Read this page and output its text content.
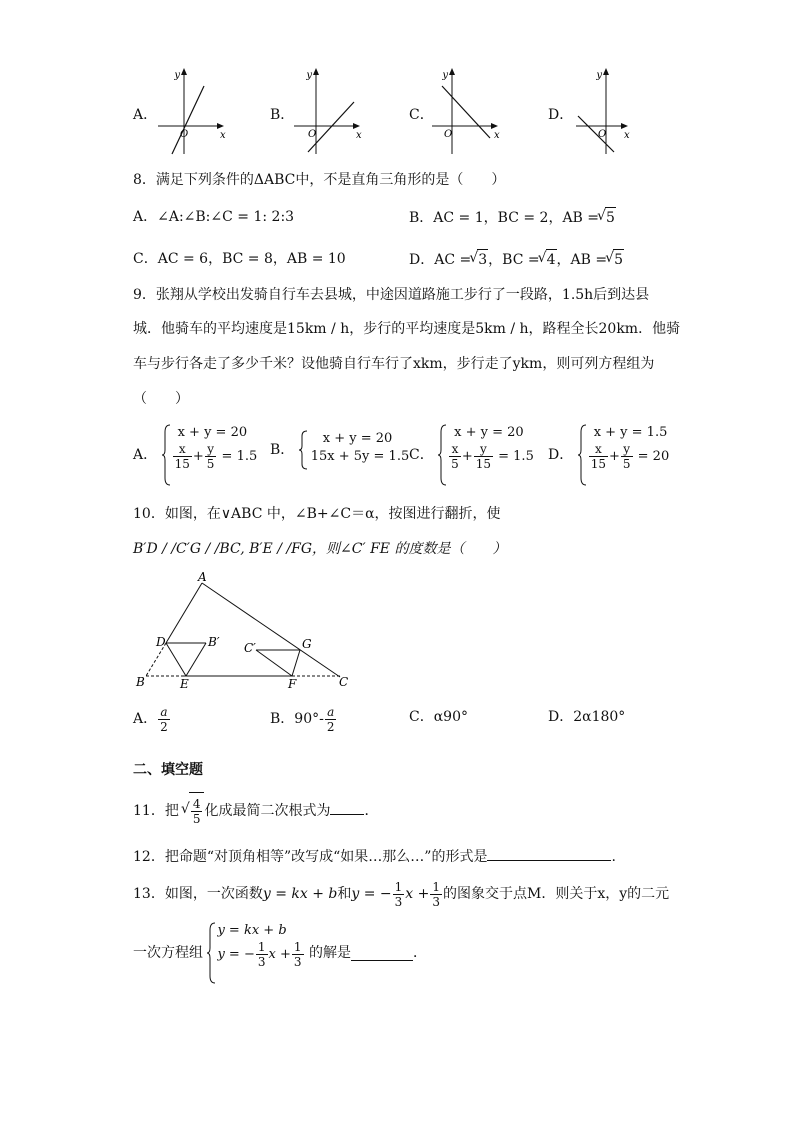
A．	B．	C．	D．
y
x
O
y
x
O
y
x
O
y
x
O
8．满足下列条件的ΔABC中，不是直角三角形的是（　　）
A．∠A:∠B:∠C = 1: 2:3	B．AC = 1，BC = 2，AB = √ 5
C．AC = 6，BC = 8，AB = 10	D．AC = √ 3，BC = √ 4，AB = √ 5
9．张翔从学校出发骑自行车去县城，中途因道路施工步行了一段路，1.5h后到达县
城．他骑车的平均速度是15km / h，步行的平均速度是5km / h，路程全长20km．他骑
车与步行各走了多少千米？设他骑自行车行了xkm，步行走了ykm，则可列方程组为
（　　）
A．
x + y = 20
$\frac{x}{15} + \frac{y}{5} = 1.5$ B．
x + y = 20
15x + 5y = 1.5 C．
x + y = 20
$\frac{x}{5} + \frac{y}{15} = 1.5$ D．
x + y = 1.5
$\frac{x}{15} + \frac{y}{5} = 20$
10．如图，在∨ABC 中，∠B+∠C＝α，按图进行翻折，使
B′D / /C′G / /BC, B′E / /FG，则∠C′ FE 的度数是（　　）
A
D	B′
B	E
C′	G
F	C
A． $\frac{a}{2}$	B．$90^\circ- \frac{a}{2}$	C．α90°	D．2α180°
二、填空题
11．把 √ $\frac{4}{5}$ 化成最简二次根式为 ．
12．把命题“对顶角相等”改写成“如果…那么…”的形式是	.
13．如图，一次函数y = kx + b和y = − $\frac{1}{3}$ $x + \frac{1}{3}$ 的图象交于点M．则关于x，y的二元
一次方程组
y = kx + b
y = − $\frac{1}{3}$ $x + \frac{1}{3}$ 的解是	．
